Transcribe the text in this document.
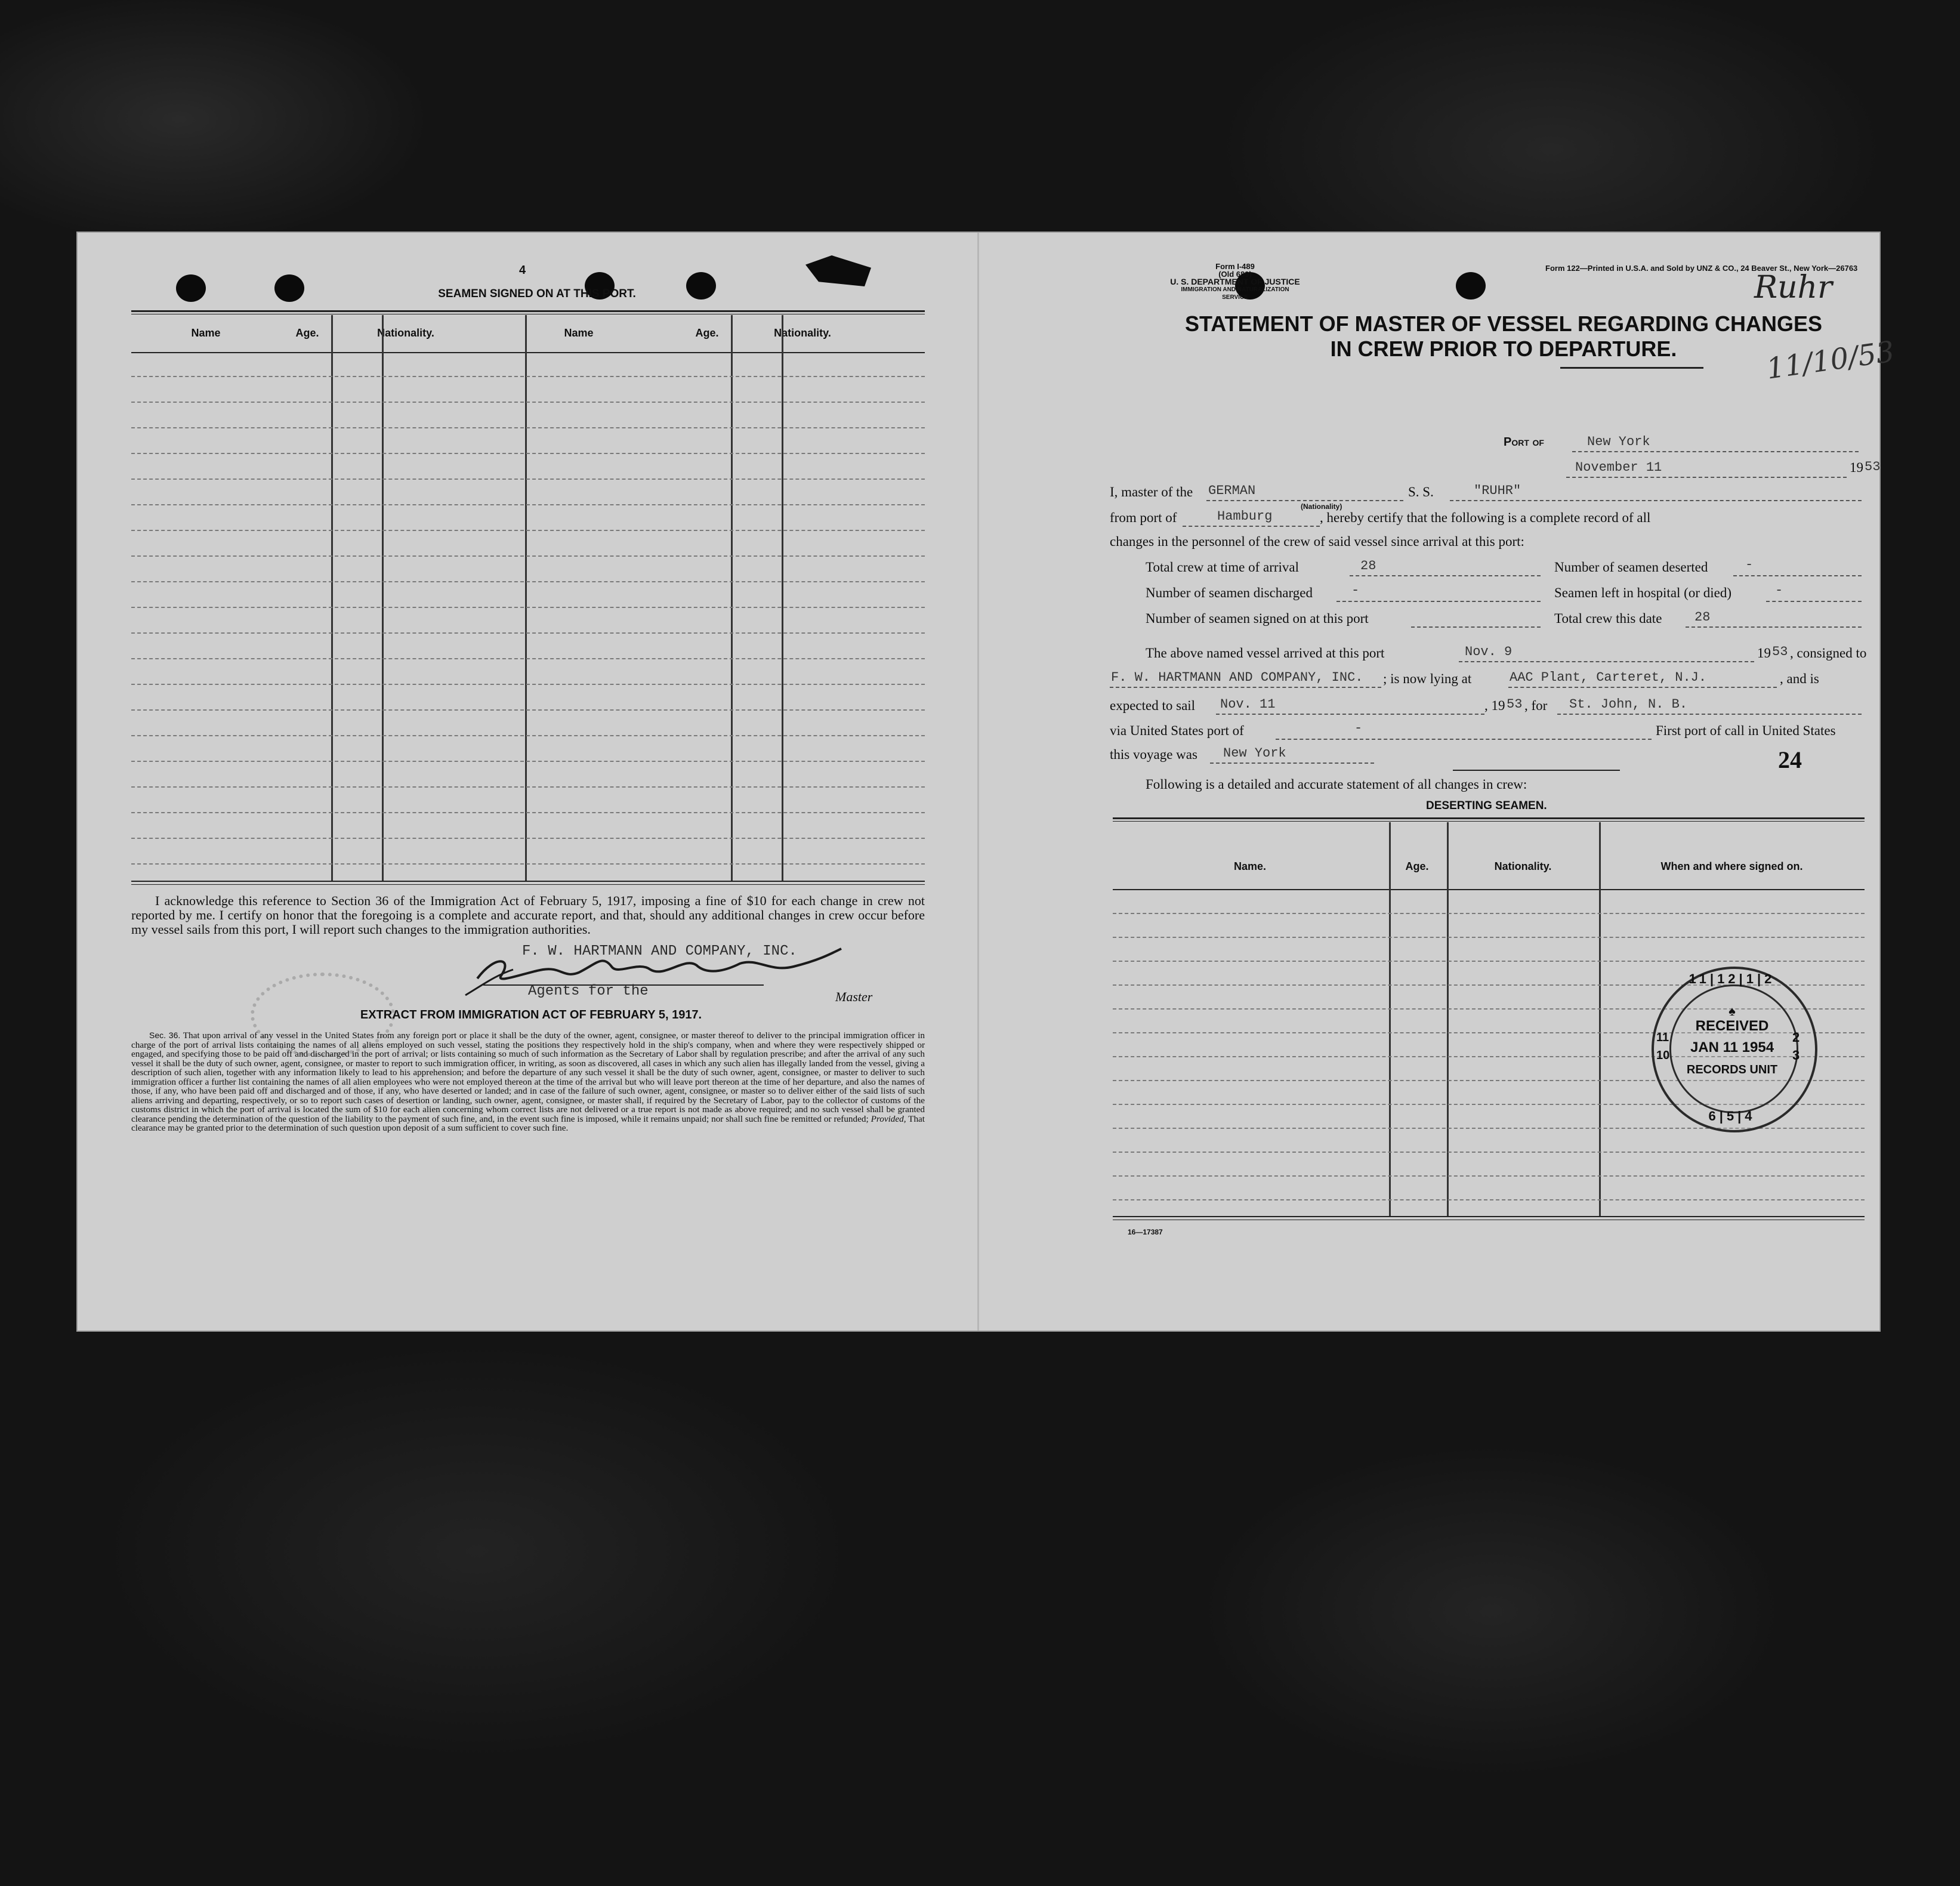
4
SEAMEN SIGNED ON AT THIS PORT.
Name	Age.	Nationality.	Name	Age.	Nationality.
I acknowledge this reference to Section 36 of the Immigration Act of February 5, 1917, imposing a fine of $10 for each change in crew not reported by me. I certify on honor that the foregoing is a complete and accurate report, and that, should any additional changes in crew occur before my vessel sails from this port, I will report such changes to the immigration authorities.
F. W. HARTMANN AND COMPANY, INC.
Agents for the	Master
EXTRACT FROM IMMIGRATION ACT OF FEBRUARY 5, 1917.
Sec. 36. That upon arrival of any vessel in the United States from any foreign port or place it shall be the duty of the owner, agent, consignee, or master thereof to deliver to the principal immigration officer in charge of the port of arrival lists containing the names of all aliens employed on such vessel, stating the positions they respectively hold in the ship's company, when and where they were respectively shipped or engaged, and specifying those to be paid off and discharged in the port of arrival; or lists containing so much of such information as the Secretary of Labor shall by regulation prescribe; and after the arrival of any such vessel it shall be the duty of such owner, agent, consignee, or master to report to such immigration officer, in writing, as soon as discovered, all cases in which any such alien has illegally landed from the vessel, giving a description of such alien, together with any information likely to lead to his apprehension; and before the departure of any such vessel it shall be the duty of such owner, agent, consignee, or master to deliver to such immigration officer a further list containing the names of all alien employees who were not employed thereon at the time of the arrival but who will leave port thereon at the time of her departure, and also the names of those, if any, who have been paid off and discharged and of those, if any, who have deserted or landed; and in case of the failure of such owner, agent, consignee, or master so to deliver either of the said lists of such aliens arriving and departing, respectively, or so to report such cases of desertion or landing, such owner, agent, consignee, or master shall, if required by the Secretary of Labor, pay to the collector of customs of the customs district in which the port of arrival is located the sum of $10 for each alien concerning whom correct lists are not delivered or a true report is not made as above required; and no such vessel shall be granted clearance pending the determination of the question of the liability to the payment of such fine, and, in the event such fine is imposed, while it remains unpaid; nor shall such fine be remitted or refunded; Provided, That clearance may be granted prior to the determination of such question upon deposit of a sum sufficient to cover such fine.
Form I-489
(Old 689)
U. S. DEPARTMENT OF JUSTICE
IMMIGRATION AND NATURALIZATION SERVICE
Form 122—Printed in U.S.A. and Sold by UNZ & CO., 24 Beaver St., New York—26763
Ruhr
11/10/53
STATEMENT OF MASTER OF VESSEL REGARDING CHANGES
IN CREW PRIOR TO DEPARTURE.
Port of	New York
November 11	19 53
I, master of the GERMAN
(Nationality)
S. S.	"RUHR"
from port of	Hamburg	, hereby certify that the following is a complete record of all
changes in the personnel of the crew of said vessel since arrival at this port:
Total crew at time of arrival	28	Number of seamen deserted	-
Number of seamen discharged	-	Seamen left in hospital (or died)	-
Number of seamen signed on at this port	Total crew this date 28
The above named vessel arrived at this port	Nov. 9	19 53 , consigned to
F. W. HARTMANN AND COMPANY, INC. ; is now lying at	AAC Plant, Carteret, N.J.	, and is
expected to sail Nov. 11	, 19 53 , for St. John, N. B.
via United States port of	-	First port of call in United States
this voyage was New York	24
Following is a detailed and accurate statement of all changes in crew:
DESERTING SEAMEN.
Name.	Age.	Nationality.	When and where signed on.
16—17387
11|12|1|2
6|5|4
2
3
11
10
♠
RECEIVED
JAN 11 1954
RECORDS UNIT
